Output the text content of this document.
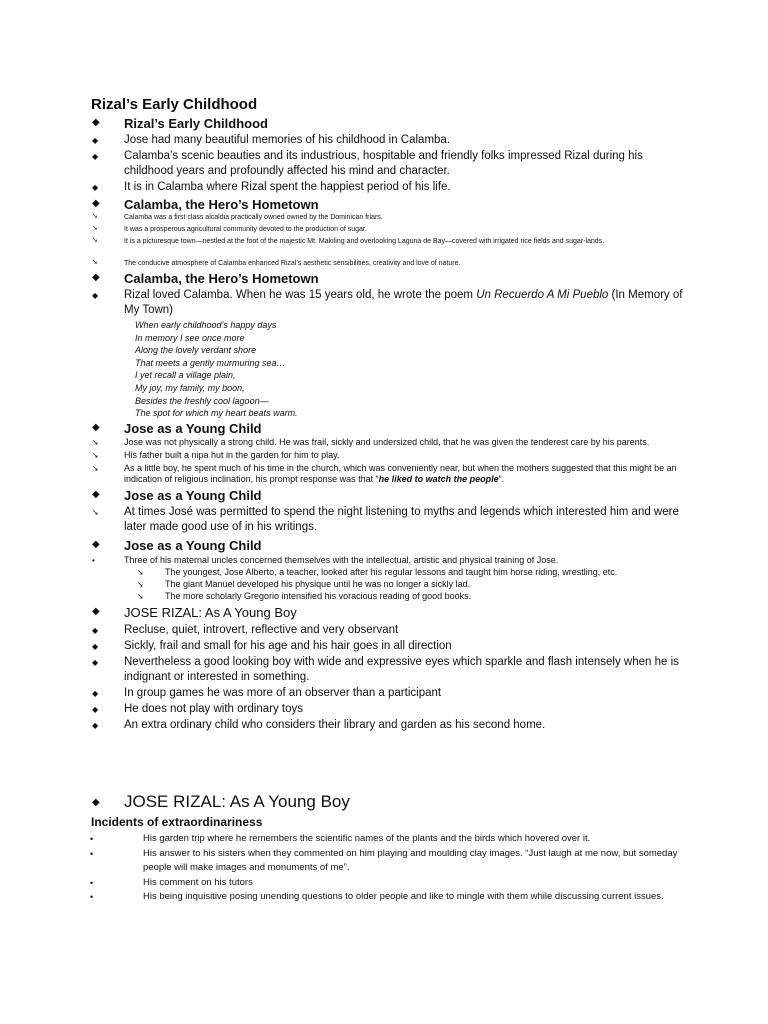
Rizal’s Early Childhood
◆	Rizal’s Early Childhood
◆	Jose had many beautiful memories of his childhood in Calamba.
◆	Calamba’s scenic beauties and its industrious, hospitable and friendly folks impressed Rizal during his childhood years and profoundly affected his mind and character.
◆	It is in Calamba where Rizal spent the happiest period of his life.
◆	Calamba, the Hero’s Hometown
➘	Calamba was a first class alcaldia practically owned owned by the Dominican friars.
➘	It was a prosperous agricultural community devoted to the production of sugar.
➘	It is a picturesque town—nestled at the foot of the majestic Mt. Makiling and overlooking Laguna de Bay—covered with irrigated rice fields and sugar-lands.
➘	The conducive atmosphere of Calamba enhanced Rizal’s aesthetic sensibilities, creativity and love of nature.
◆	Calamba, the Hero’s Hometown
◆	Rizal loved Calamba. When he was 15 years old, he wrote the poem Un Recuerdo A Mi Pueblo (In Memory of My Town)
When early childhood’s happy days
In memory I see once more
Along the lovely verdant shore
That meets a gently murmuring sea…
I yet recall a village plain,
My joy, my family, my boon,
Besides the freshly cool lagoon—
The spot for which my heart beats warm.
◆	Jose as a Young Child
➘	Jose was not physically a strong child. He was frail, sickly and undersized child, that he was given the tenderest care by his parents.
➘	His father built a nipa hut in the garden for him to play.
➘	As a little boy, he spent much of his time in the church, which was conveniently near, but when the mothers suggested that this might be an indication of religious inclination, his prompt response was that “he liked to watch the people”.
◆	Jose as a Young Child
➘	At times José was permitted to spend the night listening to myths and legends which interested him and were later made good use of in his writings.
◆	Jose as a Young Child
•	Three of his maternal uncles concerned themselves with the intellectual, artistic and physical training of Jose.
➘	The youngest, Jose Alberto, a teacher, looked after his regular lessons and taught him horse riding, wrestling, etc.
➘	The giant Manuel developed his physique until he was no longer a sickly lad.
➘	The more scholarly Gregorio intensified his voracious reading of good books.
◆	JOSE RIZAL: As A Young Boy
◆	Recluse, quiet, introvert, reflective and very observant
◆	Sickly, frail and small for his age and his hair goes in all direction
◆	Nevertheless a good looking boy with wide and expressive eyes which sparkle and flash intensely when he is indignant or interested in something.
◆	In group games he was more of an observer than a participant
◆	He does not play with ordinary toys
◆	An extra ordinary child who considers their library and garden as his second home.
◆	JOSE RIZAL: As A Young Boy
Incidents of extraordinariness
•	His garden trip where he remembers the scientific names of the plants and the birds which hovered over it.
•	His answer to his sisters when they commented on him playing and moulding clay images. “Just laugh at me now, but someday people will make images and monuments of me”.
•	His comment on his tutors
•	His being inquisitive posing unending questions to older people and like to mingle with them while discussing current issues.
